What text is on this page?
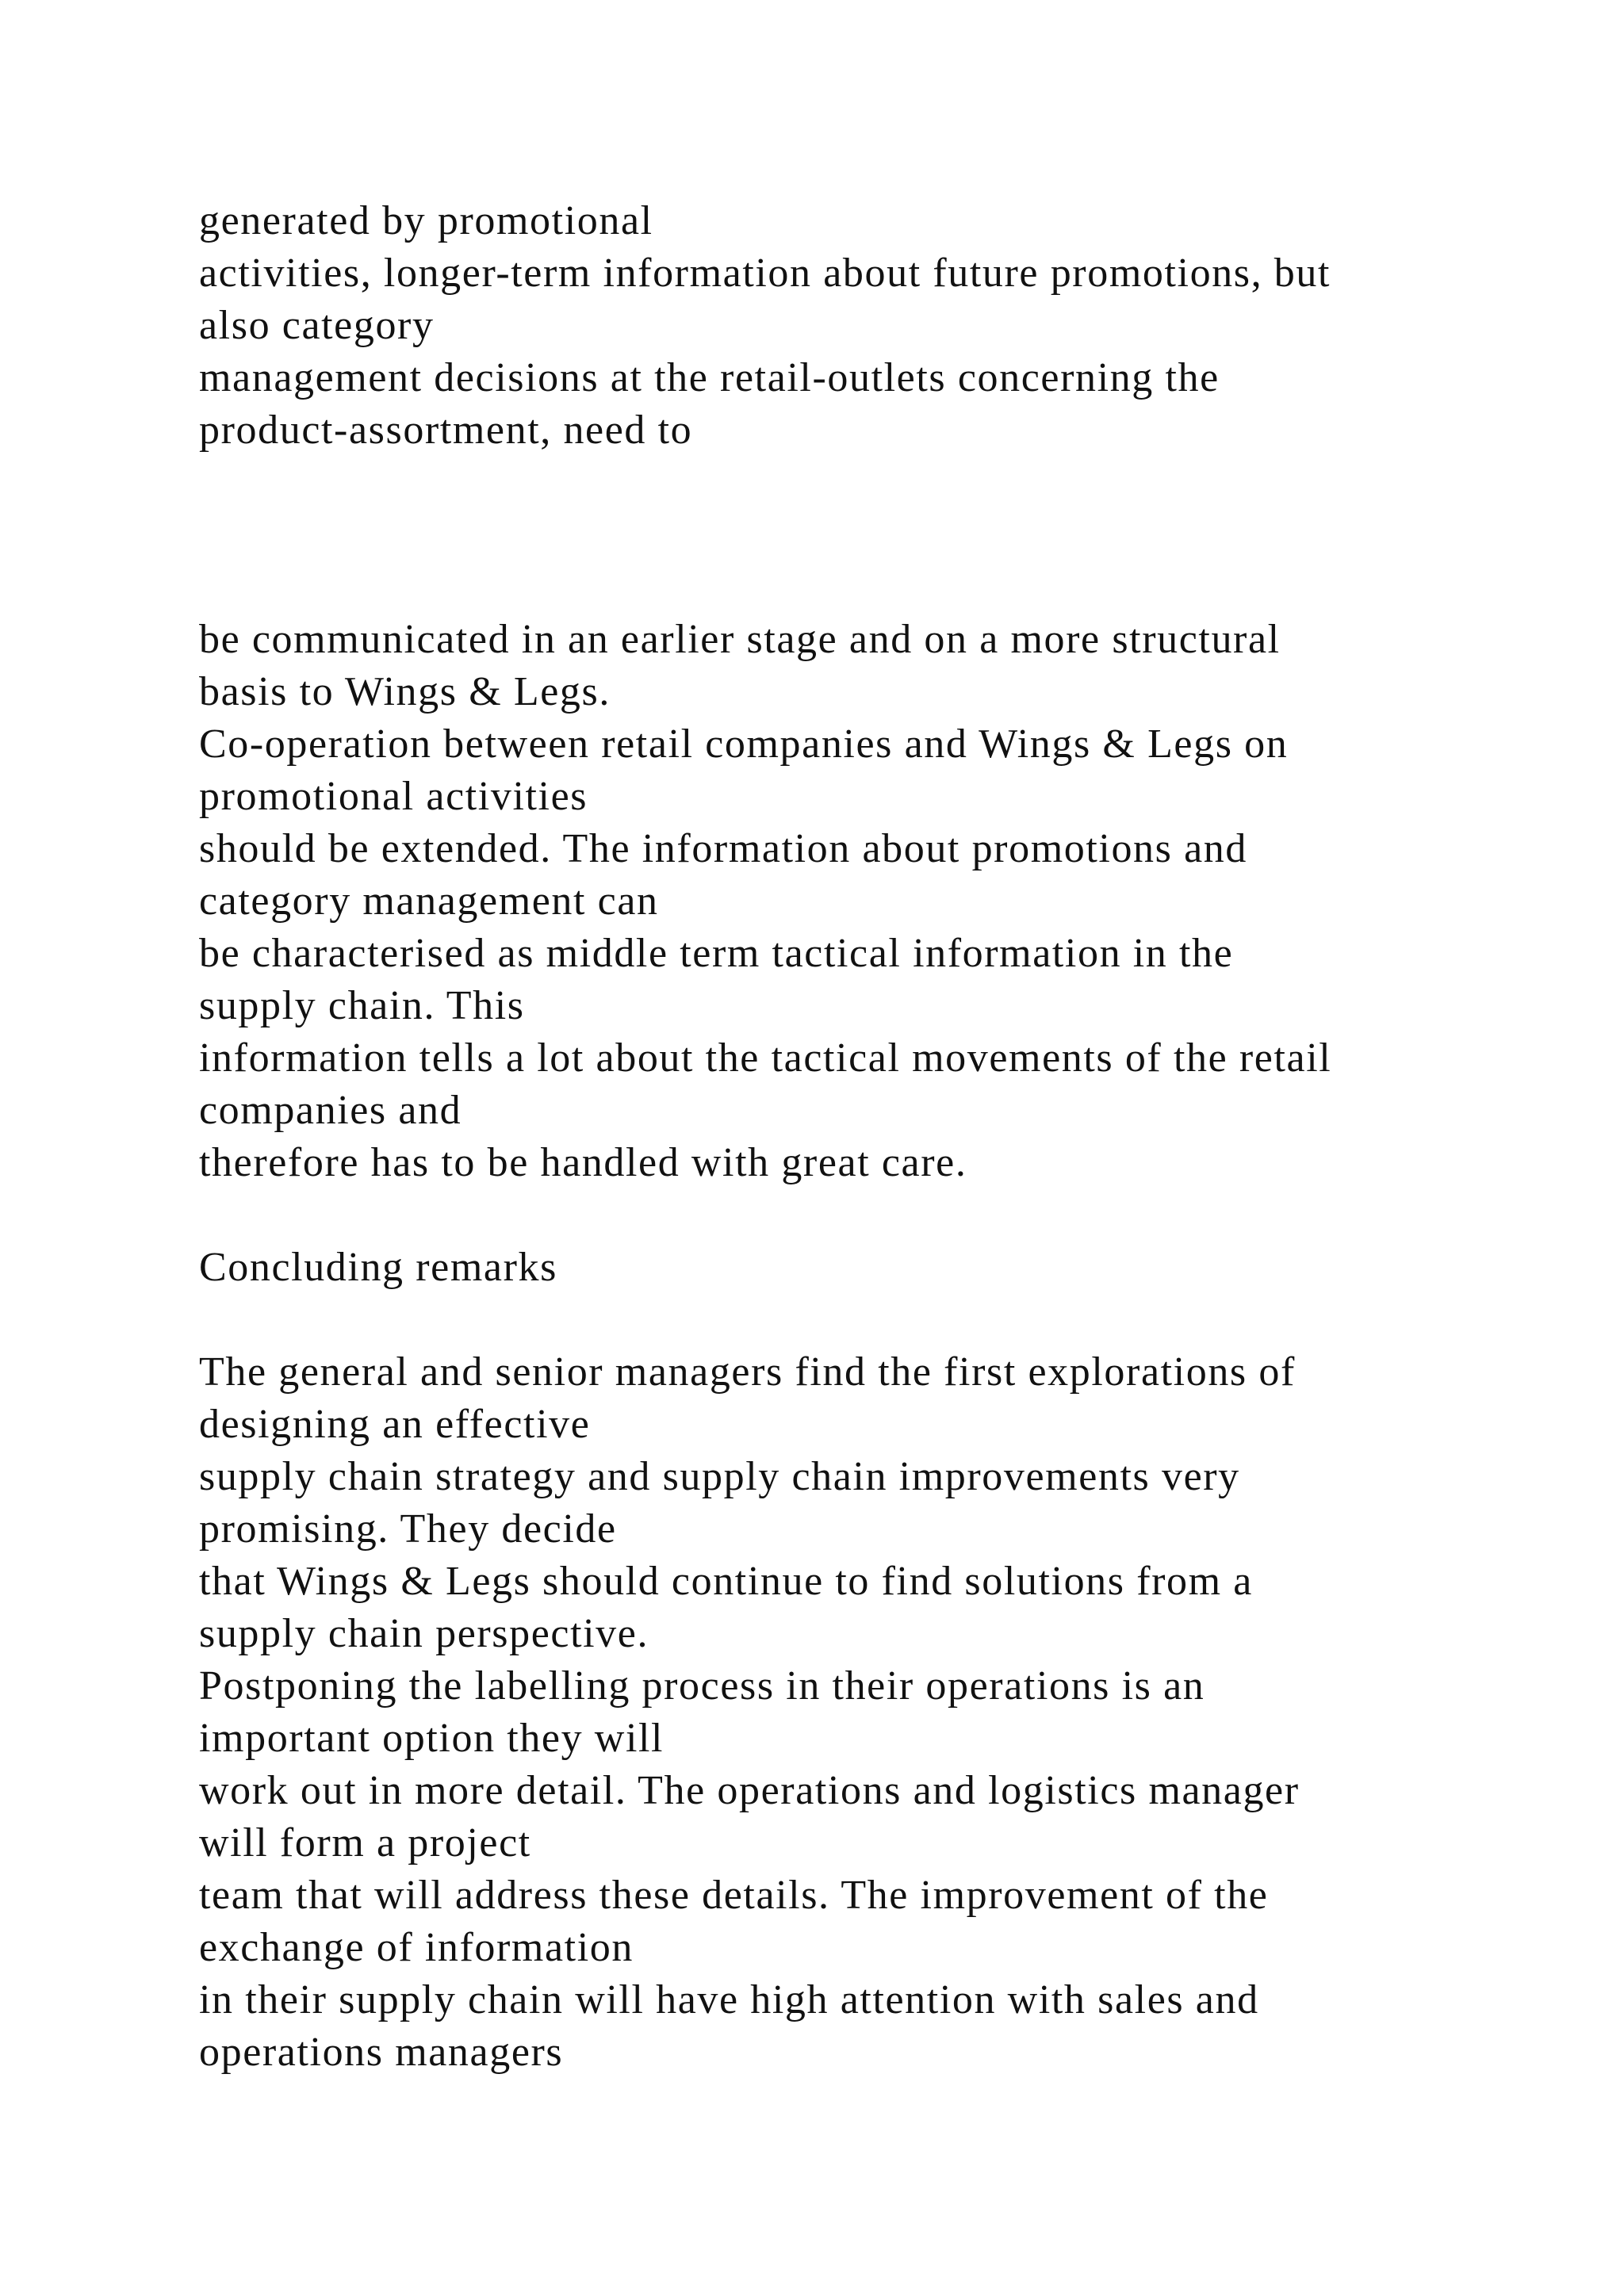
generated by promotional
activities, longer-term information about future promotions, but
also category
management decisions at the retail-outlets concerning the
product-assortment, need to
be communicated in an earlier stage and on a more structural
basis to Wings & Legs.
Co-operation between retail companies and Wings & Legs on
promotional activities
should be extended. The information about promotions and
category management can
be characterised as middle term tactical information in the
supply chain. This
information tells a lot about the tactical movements of the retail
companies and
therefore has to be handled with great care.
Concluding remarks
The general and senior managers find the first explorations of
designing an effective
supply chain strategy and supply chain improvements very
promising. They decide
that Wings & Legs should continue to find solutions from a
supply chain perspective.
Postponing the labelling process in their operations is an
important option they will
work out in more detail. The operations and logistics manager
will form a project
team that will address these details. The improvement of the
exchange of information
in their supply chain will have high attention with sales and
operations managers
